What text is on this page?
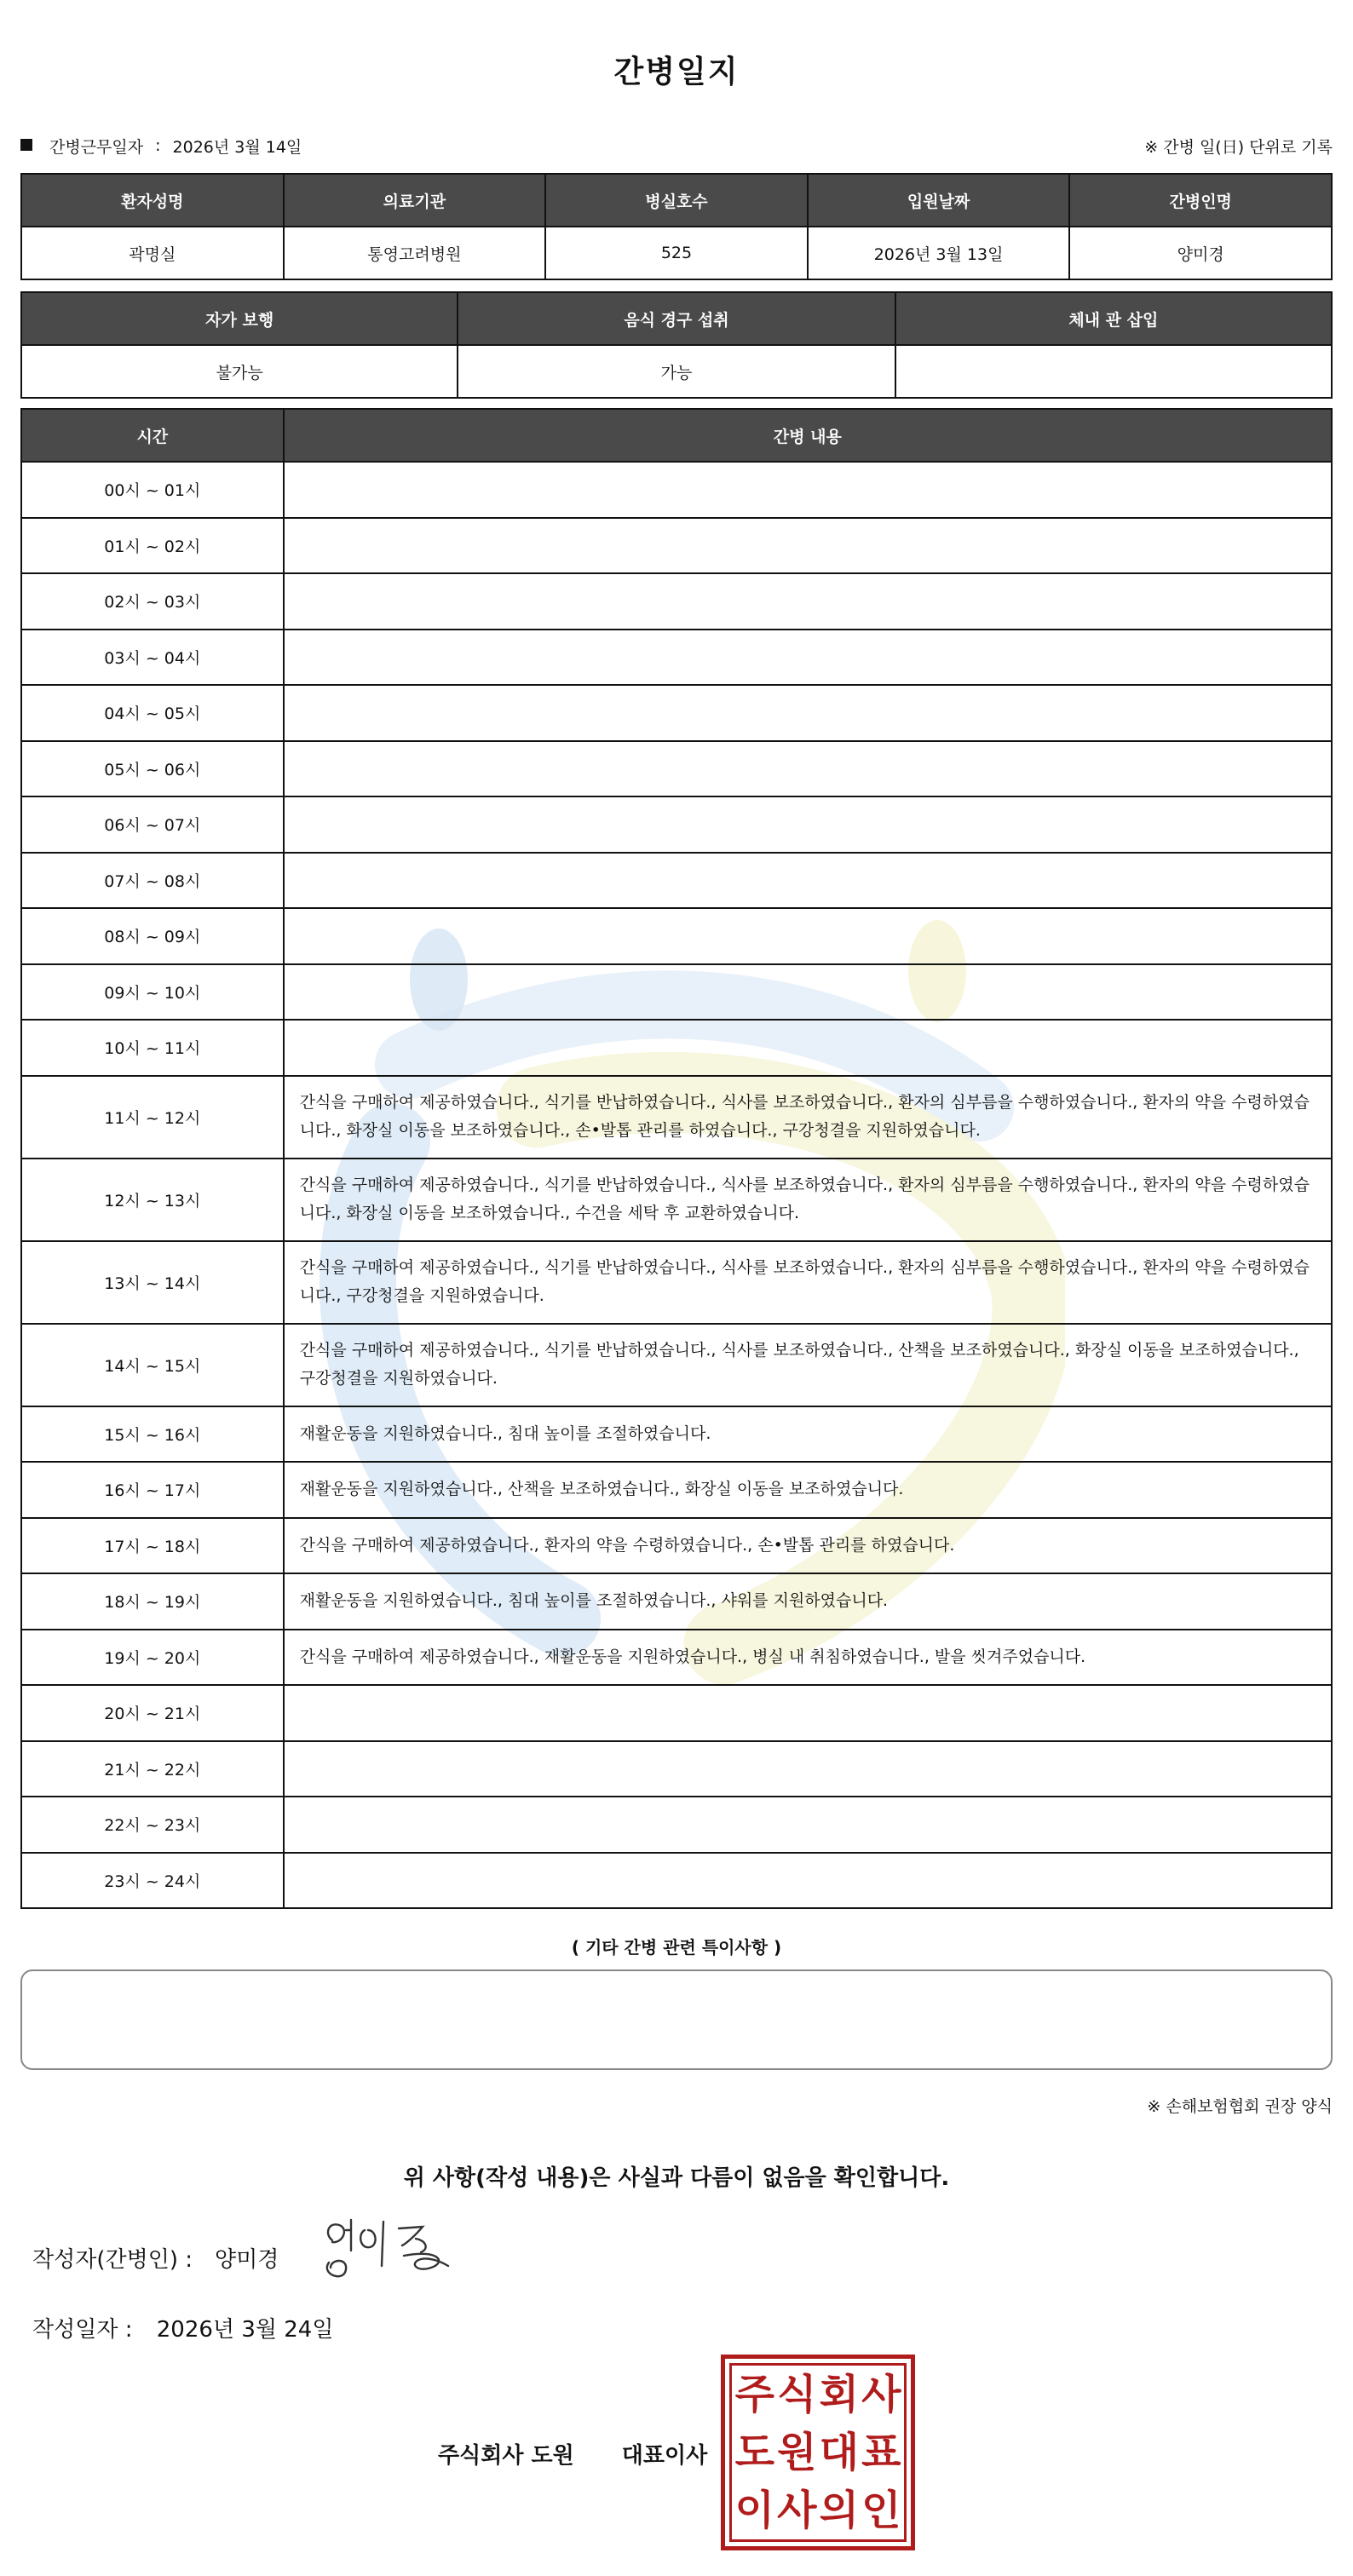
간병일지
간병근무일자 : 2026년 3월 14일	※ 간병 일(日) 단위로 기록
환자성명	의료기관	병실호수	입원날짜	간병인명
곽명실	통영고려병원	525	2026년 3월 13일	양미경
자가 보행	음식 경구 섭취	체내 관 삽입
불가능	가능	
시간	간병 내용
00시 ~ 01시	
01시 ~ 02시	
02시 ~ 03시	
03시 ~ 04시	
04시 ~ 05시	
05시 ~ 06시	
06시 ~ 07시	
07시 ~ 08시	
08시 ~ 09시	
09시 ~ 10시	
10시 ~ 11시	
11시 ~ 12시	간식을 구매하여 제공하였습니다., 식기를 반납하였습니다., 식사를 보조하였습니다., 환자의 심부름을 수행하였습니다., 환자의 약을 수령하였습니다., 화장실 이동을 보조하였습니다., 손•발톱 관리를 하였습니다., 구강청결을 지원하였습니다.
12시 ~ 13시	간식을 구매하여 제공하였습니다., 식기를 반납하였습니다., 식사를 보조하였습니다., 환자의 심부름을 수행하였습니다., 환자의 약을 수령하였습니다., 화장실 이동을 보조하였습니다., 수건을 세탁 후 교환하였습니다.
13시 ~ 14시	간식을 구매하여 제공하였습니다., 식기를 반납하였습니다., 식사를 보조하였습니다., 환자의 심부름을 수행하였습니다., 환자의 약을 수령하였습니다., 구강청결을 지원하였습니다.
14시 ~ 15시	간식을 구매하여 제공하였습니다., 식기를 반납하였습니다., 식사를 보조하였습니다., 산책을 보조하였습니다., 화장실 이동을 보조하였습니다., 구강청결을 지원하였습니다.
15시 ~ 16시	재활운동을 지원하였습니다., 침대 높이를 조절하였습니다.
16시 ~ 17시	재활운동을 지원하였습니다., 산책을 보조하였습니다., 화장실 이동을 보조하였습니다.
17시 ~ 18시	간식을 구매하여 제공하였습니다., 환자의 약을 수령하였습니다., 손•발톱 관리를 하였습니다.
18시 ~ 19시	재활운동을 지원하였습니다., 침대 높이를 조절하였습니다., 샤워를 지원하였습니다.
19시 ~ 20시	간식을 구매하여 제공하였습니다., 재활운동을 지원하였습니다., 병실 내 취침하였습니다., 발을 씻겨주었습니다.
20시 ~ 21시	
21시 ~ 22시	
22시 ~ 23시	
23시 ~ 24시	
( 기타 간병 관련 특이사항 )
※ 손해보험협회 권장 양식
위 사항(작성 내용)은 사실과 다름이 없음을 확인합니다.
작성자(간병인) : 양미경
작성일자 : 2026년 3월 24일
주식회사 도원 대표이사
주 식 회 사
도 원 대 표
이 사 의 인
